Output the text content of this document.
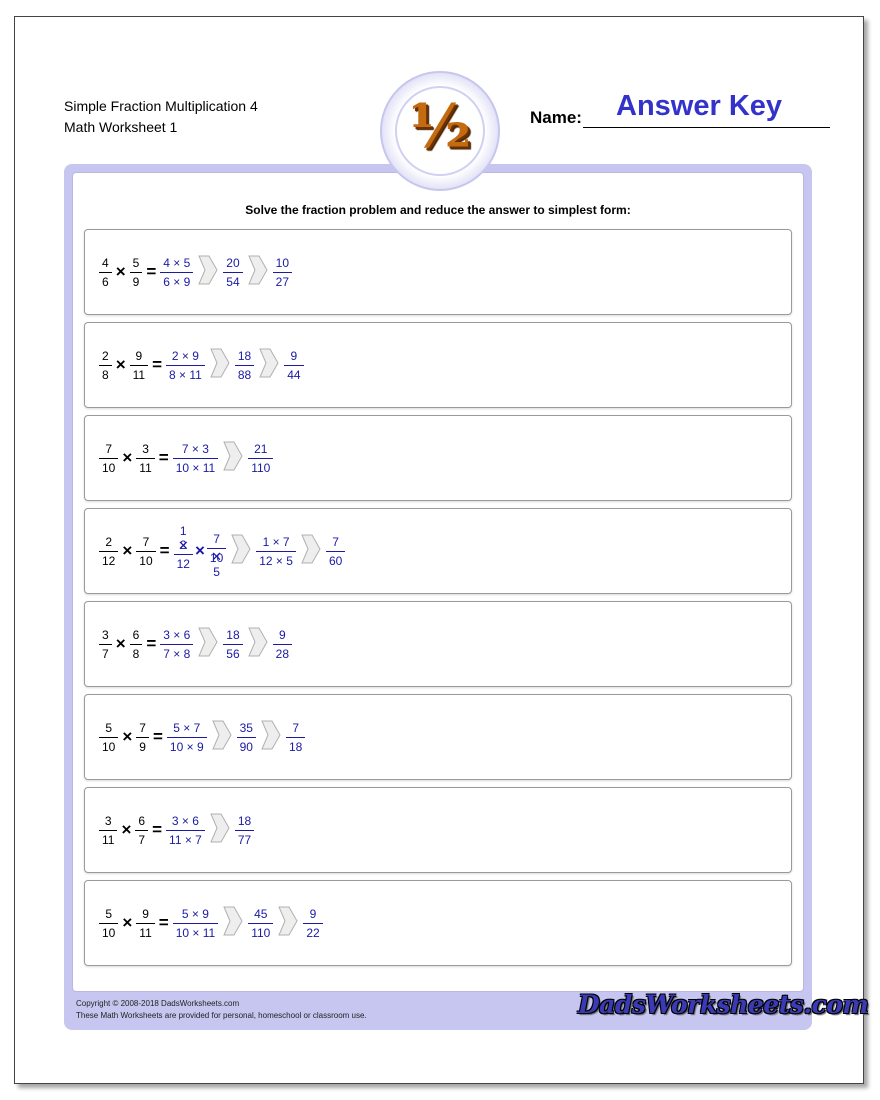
Simple Fraction Multiplication 4
Math Worksheet 1	½	Name: Answer Key
Solve the fraction problem and reduce the answer to simplest form:
$\frac{4}{6} \times \frac{5}{9} = \frac{4 \times 5}{6 \times 9}$	$\frac{20}{54}$	$\frac{10}{27}$
$\frac{2}{8} \times \frac{9}{11} = \frac{2 \times 9}{8 \times 11}$	$\frac{18}{88}$	$\frac{9}{44}$
$\frac{7}{10} \times \frac{3}{11} = \frac{7 \times 3}{10 \times 11}$	$\frac{21}{110}$
$\frac{2}{12} \times \frac{7}{10}$ =
1
$\frac{2 ✕}{12} \times \frac{7}{10}$ ✕
5
$\frac{1 \times 7}{12 \times 5}$	$\frac{7}{60}$
$\frac{3}{7} \times \frac{6}{8} = \frac{3 \times 6}{7 \times 8}$	$\frac{18}{56}$	$\frac{9}{28}$
$\frac{5}{10} \times \frac{7}{9} = \frac{5 \times 7}{10 \times 9}$	$\frac{35}{90}$	$\frac{7}{18}$
$\frac{3}{11} \times \frac{6}{7} = \frac{3 \times 6}{11 \times 7}$	$\frac{18}{77}$
$\frac{5}{10} \times \frac{9}{11} = \frac{5 \times 9}{10 \times 11}$	$\frac{45}{110}$	$\frac{9}{22}$
Copyright © 2008-2018 DadsWorksheets.com
These Math Worksheets are provided for personal, homeschool or classroom use.	DadsWorksheets.com
